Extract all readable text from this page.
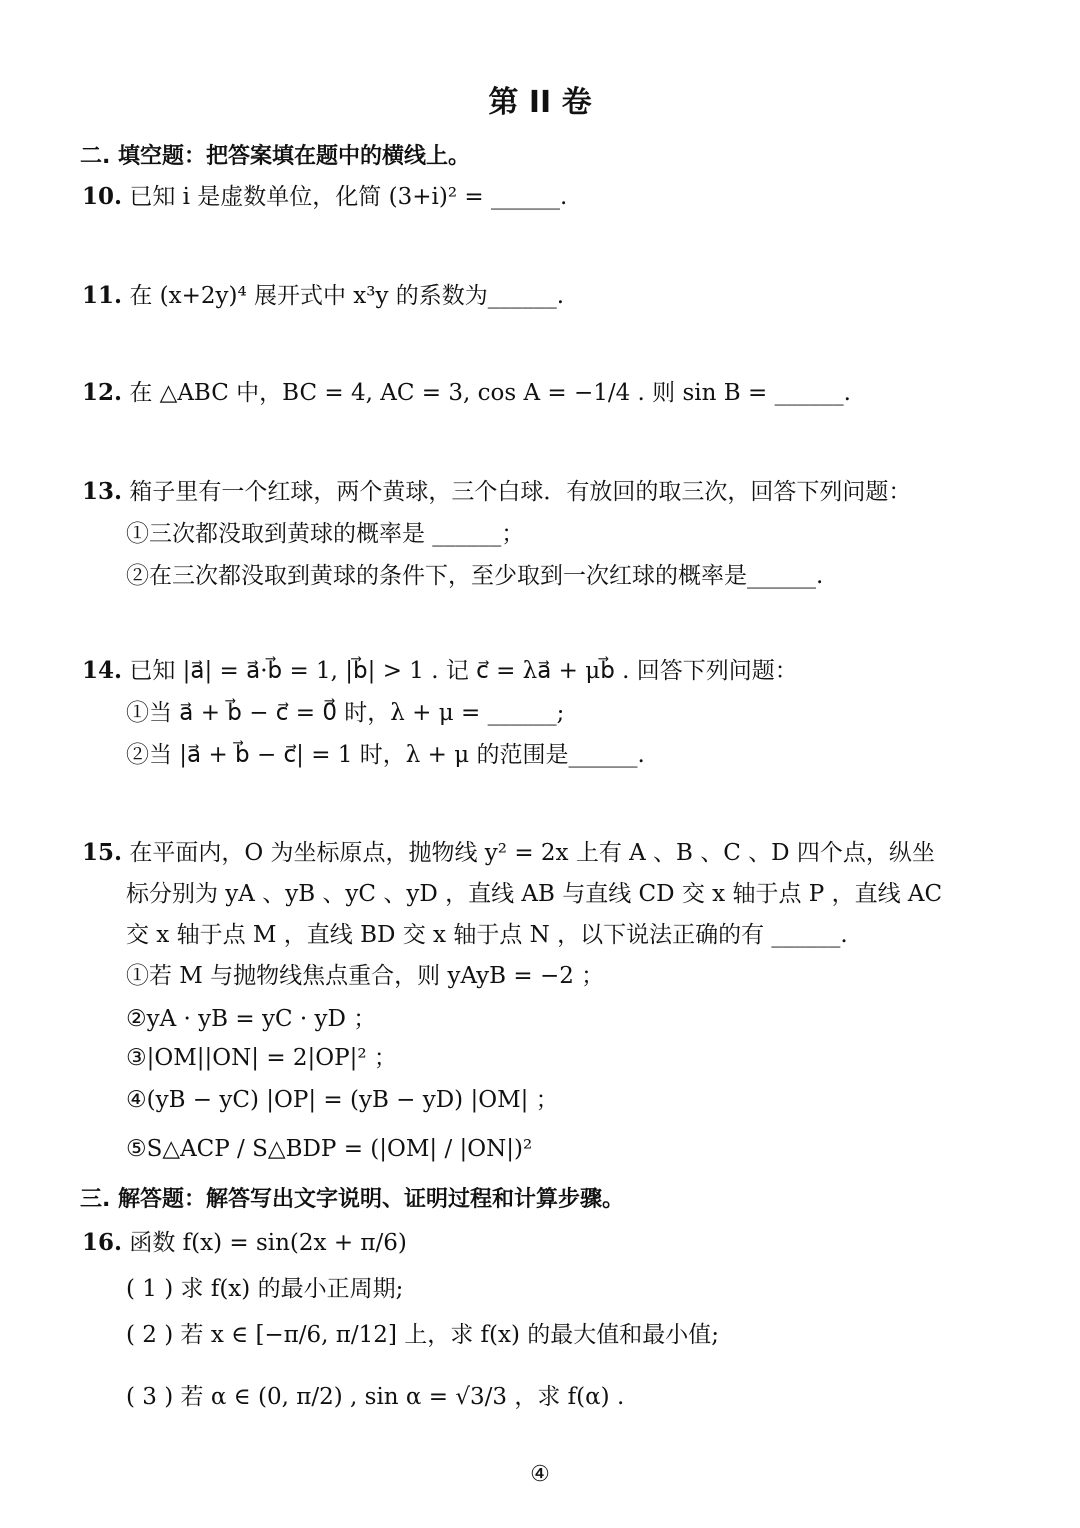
第 II 卷
二. 填空题：把答案填在题中的横线上。
10. 已知 i 是虚数单位，化简 (3+i)² = ______.
11. 在 (x+2y)⁴ 展开式中 x³y 的系数为______.
12. 在 △ABC 中，BC = 4, AC = 3, cos A = −1/4 . 则 sin B = ______.
13. 箱子里有一个红球，两个黄球，三个白球．有放回的取三次，回答下列问题：
①三次都没取到黄球的概率是 ______；
②在三次都没取到黄球的条件下，至少取到一次红球的概率是______.
14. 已知 |a⃗| = a⃗·b⃗ = 1, |b⃗| > 1 . 记 c⃗ = λa⃗ + μb⃗ . 回答下列问题：
①当 a⃗ + b⃗ − c⃗ = 0⃗ 时，λ + μ = ______;
②当 |a⃗ + b⃗ − c⃗| = 1 时，λ + μ 的范围是______.
15. 在平面内，O 为坐标原点，抛物线 y² = 2x 上有 A 、B 、C 、D 四个点，纵坐
标分别为 yA 、yB 、yC 、yD ，直线 AB 与直线 CD 交 x 轴于点 P ，直线 AC
交 x 轴于点 M ，直线 BD 交 x 轴于点 N ，以下说法正确的有 ______.
①若 M 与抛物线焦点重合，则 yAyB = −2 ；
②yA · yB = yC · yD ；
③|OM||ON| = 2|OP|² ；
④(yB − yC) |OP| = (yB − yD) |OM| ；
⑤S△ACP / S△BDP = (|OM| / |ON|)²
三. 解答题：解答写出文字说明、证明过程和计算步骤。
16. 函数 f(x) = sin(2x + π/6)
( 1 ) 求 f(x) 的最小正周期;
( 2 ) 若 x ∈ [−π/6, π/12] 上，求 f(x) 的最大值和最小值;
( 3 ) 若 α ∈ (0, π/2) , sin α = √3/3 ，求 f(α) .
④
